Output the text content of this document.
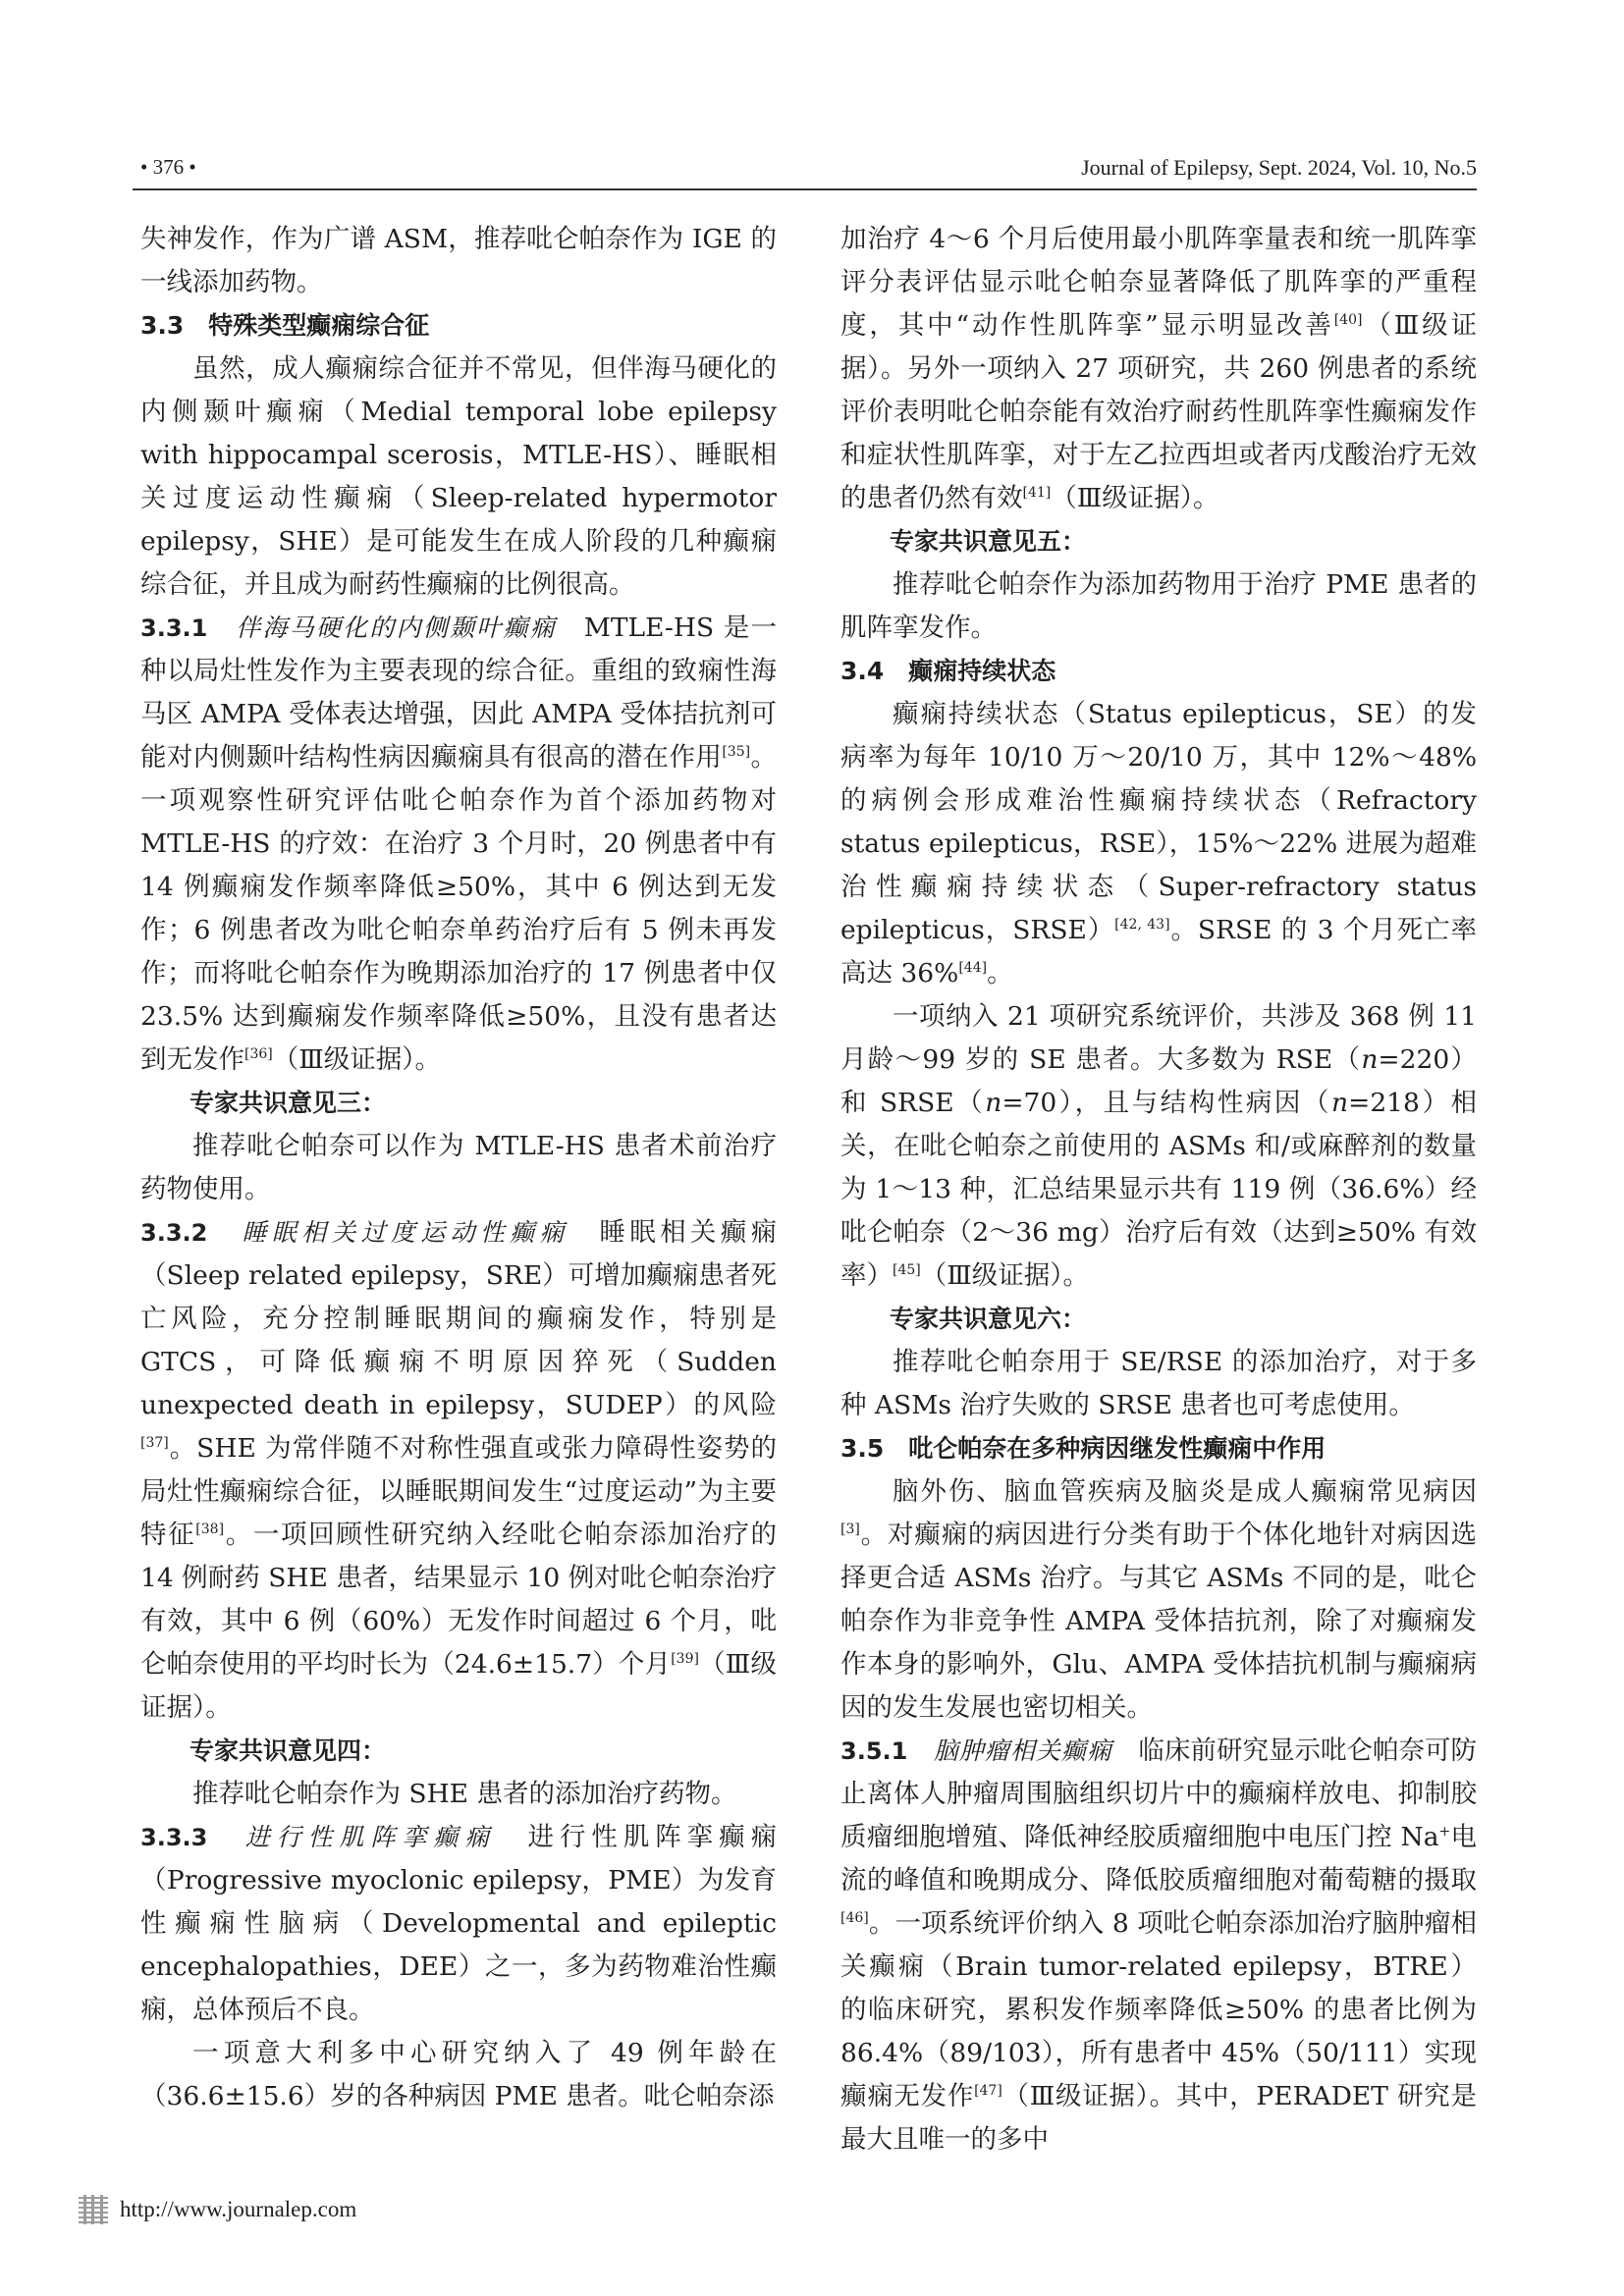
• 376 •	Journal of Epilepsy, Sept. 2024, Vol. 10, No.5

失神发作，作为广谱 ASM，推荐吡仑帕奈作为 IGE 的一线添加药物。

3.3　特殊类型癫痫综合征

虽然，成人癫痫综合征并不常见，但伴海马硬化的内侧颞叶癫痫（Medial temporal lobe epilepsy with hippocampal scerosis，MTLE-HS）、睡眠相关过度运动性癫痫（Sleep-related hypermotor epilepsy，SHE）是可能发生在成人阶段的几种癫痫综合征，并且成为耐药性癫痫的比例很高。

3.3.1　 伴海马硬化的内侧颞叶癫痫　 MTLE-HS 是一种以局灶性发作为主要表现的综合征。重组的致痫性海马区 AMPA 受体表达增强，因此 AMPA 受体拮抗剂可能对内侧颞叶结构性病因癫痫具有很高的潜在作用[35]。一项观察性研究评估吡仑帕奈作为首个添加药物对 MTLE-HS 的疗效：在治疗 3 个月时，20 例患者中有 14 例癫痫发作频率降低≥50%，其中 6 例达到无发作；6 例患者改为吡仑帕奈单药治疗后有 5 例未再发作；而将吡仑帕奈作为晚期添加治疗的 17 例患者中仅 23.5% 达到癫痫发作频率降低≥50%，且没有患者达到无发作[36]（Ⅲ级证据）。

专家共识意见三：

推荐吡仑帕奈可以作为 MTLE-HS 患者术前治疗药物使用。

3.3.2　 睡眠相关过度运动性癫痫　 睡眠相关癫痫（Sleep related epilepsy，SRE）可增加癫痫患者死亡风险，充分控制睡眠期间的癫痫发作，特别是 GTCS，可降低癫痫不明原因猝死（Sudden unexpected death in epilepsy，SUDEP）的风险[37]。SHE 为常伴随不对称性强直或张力障碍性姿势的局灶性癫痫综合征，以睡眠期间发生“过度运动”为主要特征[38]。一项回顾性研究纳入经吡仑帕奈添加治疗的 14 例耐药 SHE 患者，结果显示 10 例对吡仑帕奈治疗有效，其中 6 例（60%）无发作时间超过 6 个月，吡仑帕奈使用的平均时长为（24.6±15.7）个月[39]（Ⅲ级证据）。

专家共识意见四：

推荐吡仑帕奈作为 SHE 患者的添加治疗药物。

3.3.3　 进行性肌阵挛癫痫　 进行性肌阵挛癫痫（Progressive myoclonic epilepsy，PME）为发育性癫痫性脑病（Developmental and epileptic encephalopathies，DEE）之一，多为药物难治性癫痫，总体预后不良。

一项意大利多中心研究纳入了 49 例年龄在（36.6±15.6）岁的各种病因 PME 患者。吡仑帕奈添

加治疗 4～6 个月后使用最小肌阵挛量表和统一肌阵挛评分表评估显示吡仑帕奈显著降低了肌阵挛的严重程度，其中“动作性肌阵挛”显示明显改善[40]（Ⅲ级证据）。另外一项纳入 27 项研究，共 260 例患者的系统评价表明吡仑帕奈能有效治疗耐药性肌阵挛性癫痫发作和症状性肌阵挛，对于左乙拉西坦或者丙戊酸治疗无效的患者仍然有效[41]（Ⅲ级证据）。

专家共识意见五：

推荐吡仑帕奈作为添加药物用于治疗 PME 患者的肌阵挛发作。

3.4　癫痫持续状态

癫痫持续状态（Status epilepticus，SE）的发病率为每年 10/10 万～20/10 万，其中 12%～48% 的病例会形成难治性癫痫持续状态（Refractory status epilepticus，RSE），15%～22% 进展为超难治性癫痫持续状态（Super-refractory status epilepticus，SRSE）[42, 43]。SRSE 的 3 个月死亡率高达 36%[44]。

一项纳入 21 项研究系统评价，共涉及 368 例 11 月龄～99 岁的 SE 患者。大多数为 RSE（n=220）和 SRSE（n=70），且与结构性病因（n=218）相关，在吡仑帕奈之前使用的 ASMs 和/或麻醉剂的数量为 1～13 种，汇总结果显示共有 119 例（36.6%）经吡仑帕奈（2～36 mg）治疗后有效（达到≥50% 有效率）[45]（Ⅲ级证据）。

专家共识意见六：

推荐吡仑帕奈用于 SE/RSE 的添加治疗，对于多种 ASMs 治疗失败的 SRSE 患者也可考虑使用。

3.5　吡仑帕奈在多种病因继发性癫痫中作用

脑外伤、脑血管疾病及脑炎是成人癫痫常见病因[3]。对癫痫的病因进行分类有助于个体化地针对病因选择更合适 ASMs 治疗。与其它 ASMs 不同的是，吡仑帕奈作为非竞争性 AMPA 受体拮抗剂，除了对癫痫发作本身的影响外，Glu、AMPA 受体拮抗机制与癫痫病因的发生发展也密切相关。

3.5.1　 脑肿瘤相关癫痫　 临床前研究显示吡仑帕奈可防止离体人肿瘤周围脑组织切片中的癫痫样放电、抑制胶质瘤细胞增殖、降低神经胶质瘤细胞中电压门控 Na+电流的峰值和晚期成分、降低胶质瘤细胞对葡萄糖的摄取[46]。一项系统评价纳入 8 项吡仑帕奈添加治疗脑肿瘤相关癫痫（Brain tumor-related epilepsy，BTRE）的临床研究，累积发作频率降低≥50% 的患者比例为 86.4%（89/103），所有患者中 45%（50/111）实现癫痫无发作[47]（Ⅲ级证据）。其中，PERADET 研究是最大且唯一的多中

http://www.journalep.com
